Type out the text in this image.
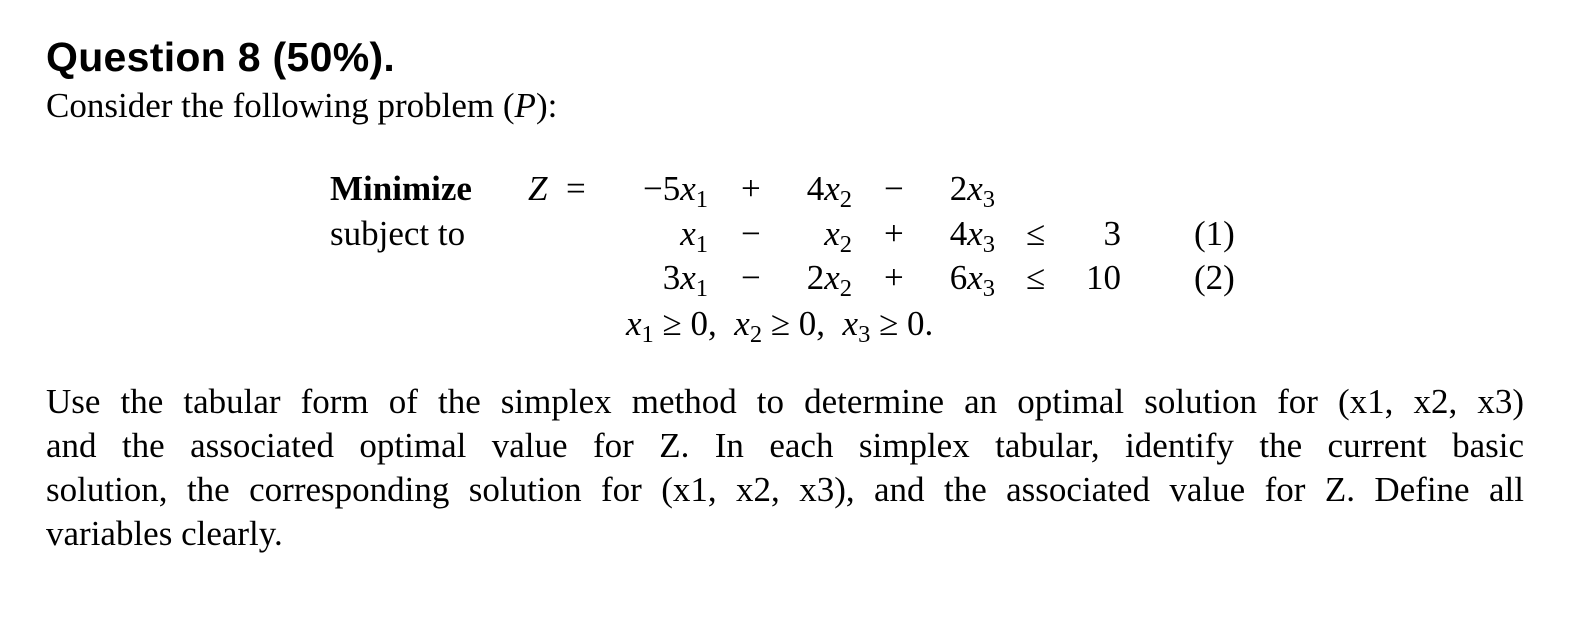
Question 8 (50%).
Consider the following problem (P):
Minimize Z =
subject to
$-5x_1 + 4x_2 - 2x_3$
$x_1 - x_2 + 4x_3 \le 3$ (1)
$3x_1 - 2x_2 + 6x_3 \le 10$ (2)
$x_1 \ge 0$, $x_2 \ge 0$, $x_3 \ge 0$.
Use the tabular form of the simplex method to determine an optimal solution for (x1, x2, x3)
and the associated optimal value for Z. In each simplex tabular, identify the current basic
solution, the corresponding solution for (x1, x2, x3), and the associated value for Z. Define all
variables clearly.
